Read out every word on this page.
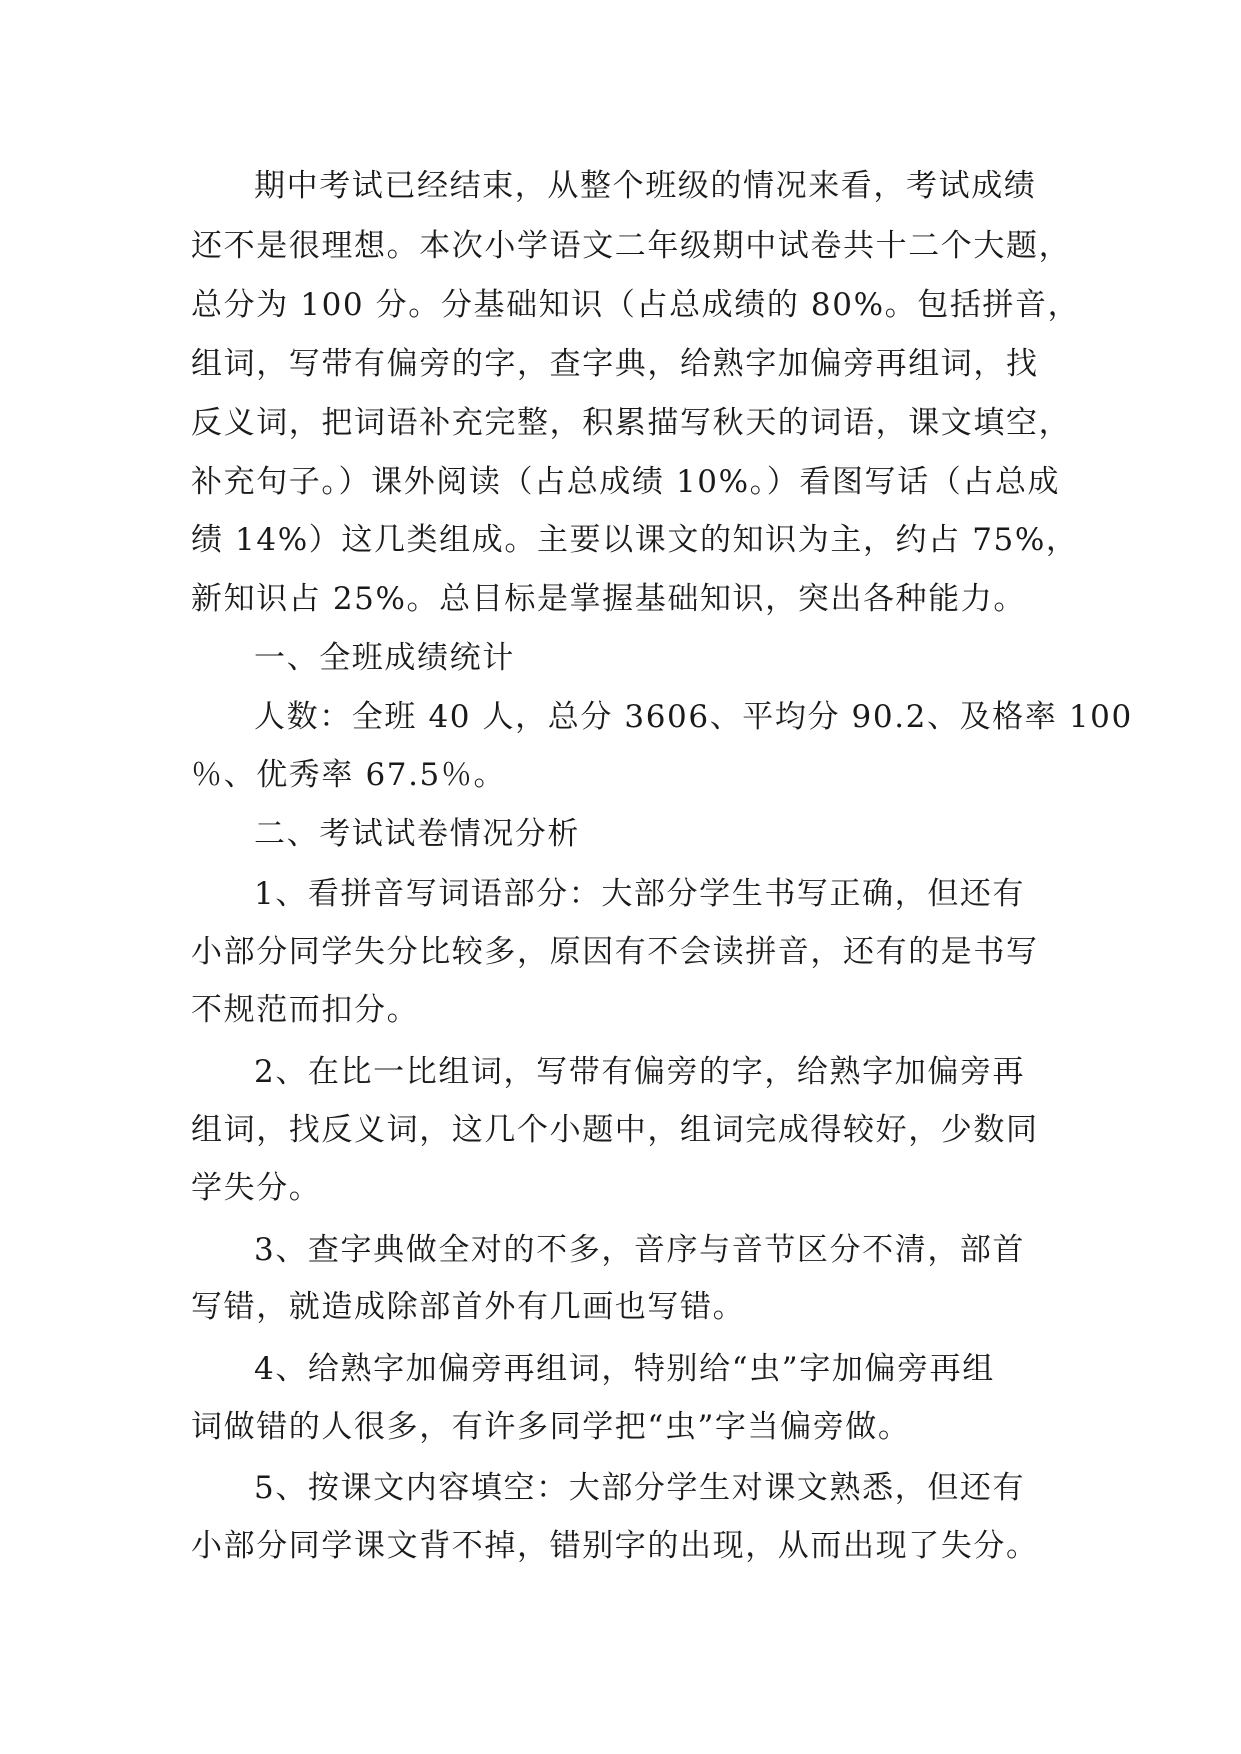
期中考试已经结束，从整个班级的情况来看，考试成绩
还不是很理想。本次小学语文二年级期中试卷共十二个大题，
总分为 100 分。分基础知识（占总成绩的 80%。包括拼音，
组词，写带有偏旁的字，查字典，给熟字加偏旁再组词，找
反义词，把词语补充完整，积累描写秋天的词语，课文填空，
补充句子。）课外阅读（占总成绩 10%。）看图写话（占总成
绩 14%）这几类组成。主要以课文的知识为主，约占 75%，
新知识占 25%。总目标是掌握基础知识，突出各种能力。
一、全班成绩统计
人数：全班 40 人，总分 3606、平均分 90.2、及格率 100
％、优秀率 67.5％。
二、考试试卷情况分析
1、看拼音写词语部分：大部分学生书写正确，但还有
小部分同学失分比较多，原因有不会读拼音，还有的是书写
不规范而扣分。
2、在比一比组词，写带有偏旁的字，给熟字加偏旁再
组词，找反义词，这几个小题中，组词完成得较好，少数同
学失分。
3、查字典做全对的不多，音序与音节区分不清，部首
写错，就造成除部首外有几画也写错。
4、给熟字加偏旁再组词，特别给“虫”字加偏旁再组
词做错的人很多，有许多同学把“虫”字当偏旁做。
5、按课文内容填空：大部分学生对课文熟悉，但还有
小部分同学课文背不掉，错别字的出现，从而出现了失分。
